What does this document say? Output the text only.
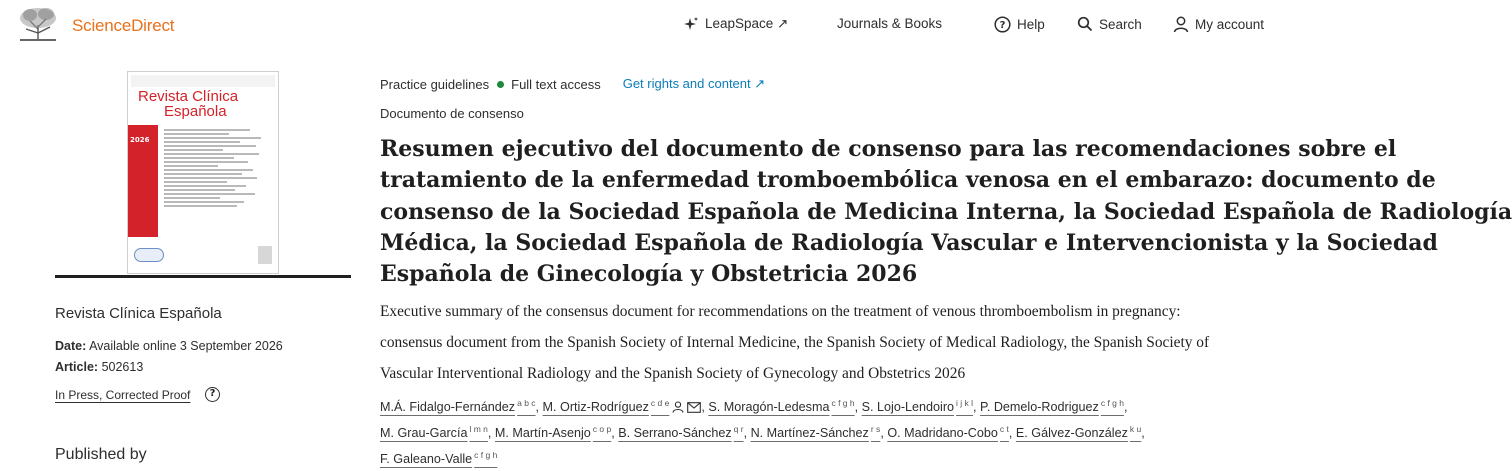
ScienceDirect	LeapSpace ↗	Journals & Books	? Help	Search	My account
Revista Clínica
Española
2026
Revista Clínica Española
Date: Available online 3 September 2026
Article: 502613
In Press, Corrected Proof	?
Published by
Practice guidelines Full text access Get rights and content ↗
Documento de consenso
Resumen ejecutivo del documento de consenso para las recomendaciones sobre el
tratamiento de la enfermedad tromboembólica venosa en el embarazo: documento de
consenso de la Sociedad Española de Medicina Interna, la Sociedad Española de Radiología
Médica, la Sociedad Española de Radiología Vascular e Intervencionista y la Sociedad
Española de Ginecología y Obstetricia 2026
Executive summary of the consensus document for recommendations on the treatment of venous thromboembolism in pregnancy:
consensus document from the Spanish Society of Internal Medicine, the Spanish Society of Medical Radiology, the Spanish Society of
Vascular Interventional Radiology and the Spanish Society of Gynecology and Obstetrics 2026
M.Á. Fidalgo-Fernández $^{a b c}$, M. Ortiz-Rodríguez $^{c d e}$	, S. Moragón-Ledesma $^{c f g h}$, S. Lojo-Lendoiro $^{i j k l}$, P. Demelo-Rodriguez $^{c f g h}$,
M. Grau-García $^{l m n}$, M. Martín-Asenjo $^{c o p}$, B. Serrano-Sánchez $^{q r}$, N. Martínez-Sánchez $^{r s}$, O. Madridano-Cobo $^{c t}$, E. Gálvez-González $^{k u}$,
F. Galeano-Valle $^{c f g h}$
